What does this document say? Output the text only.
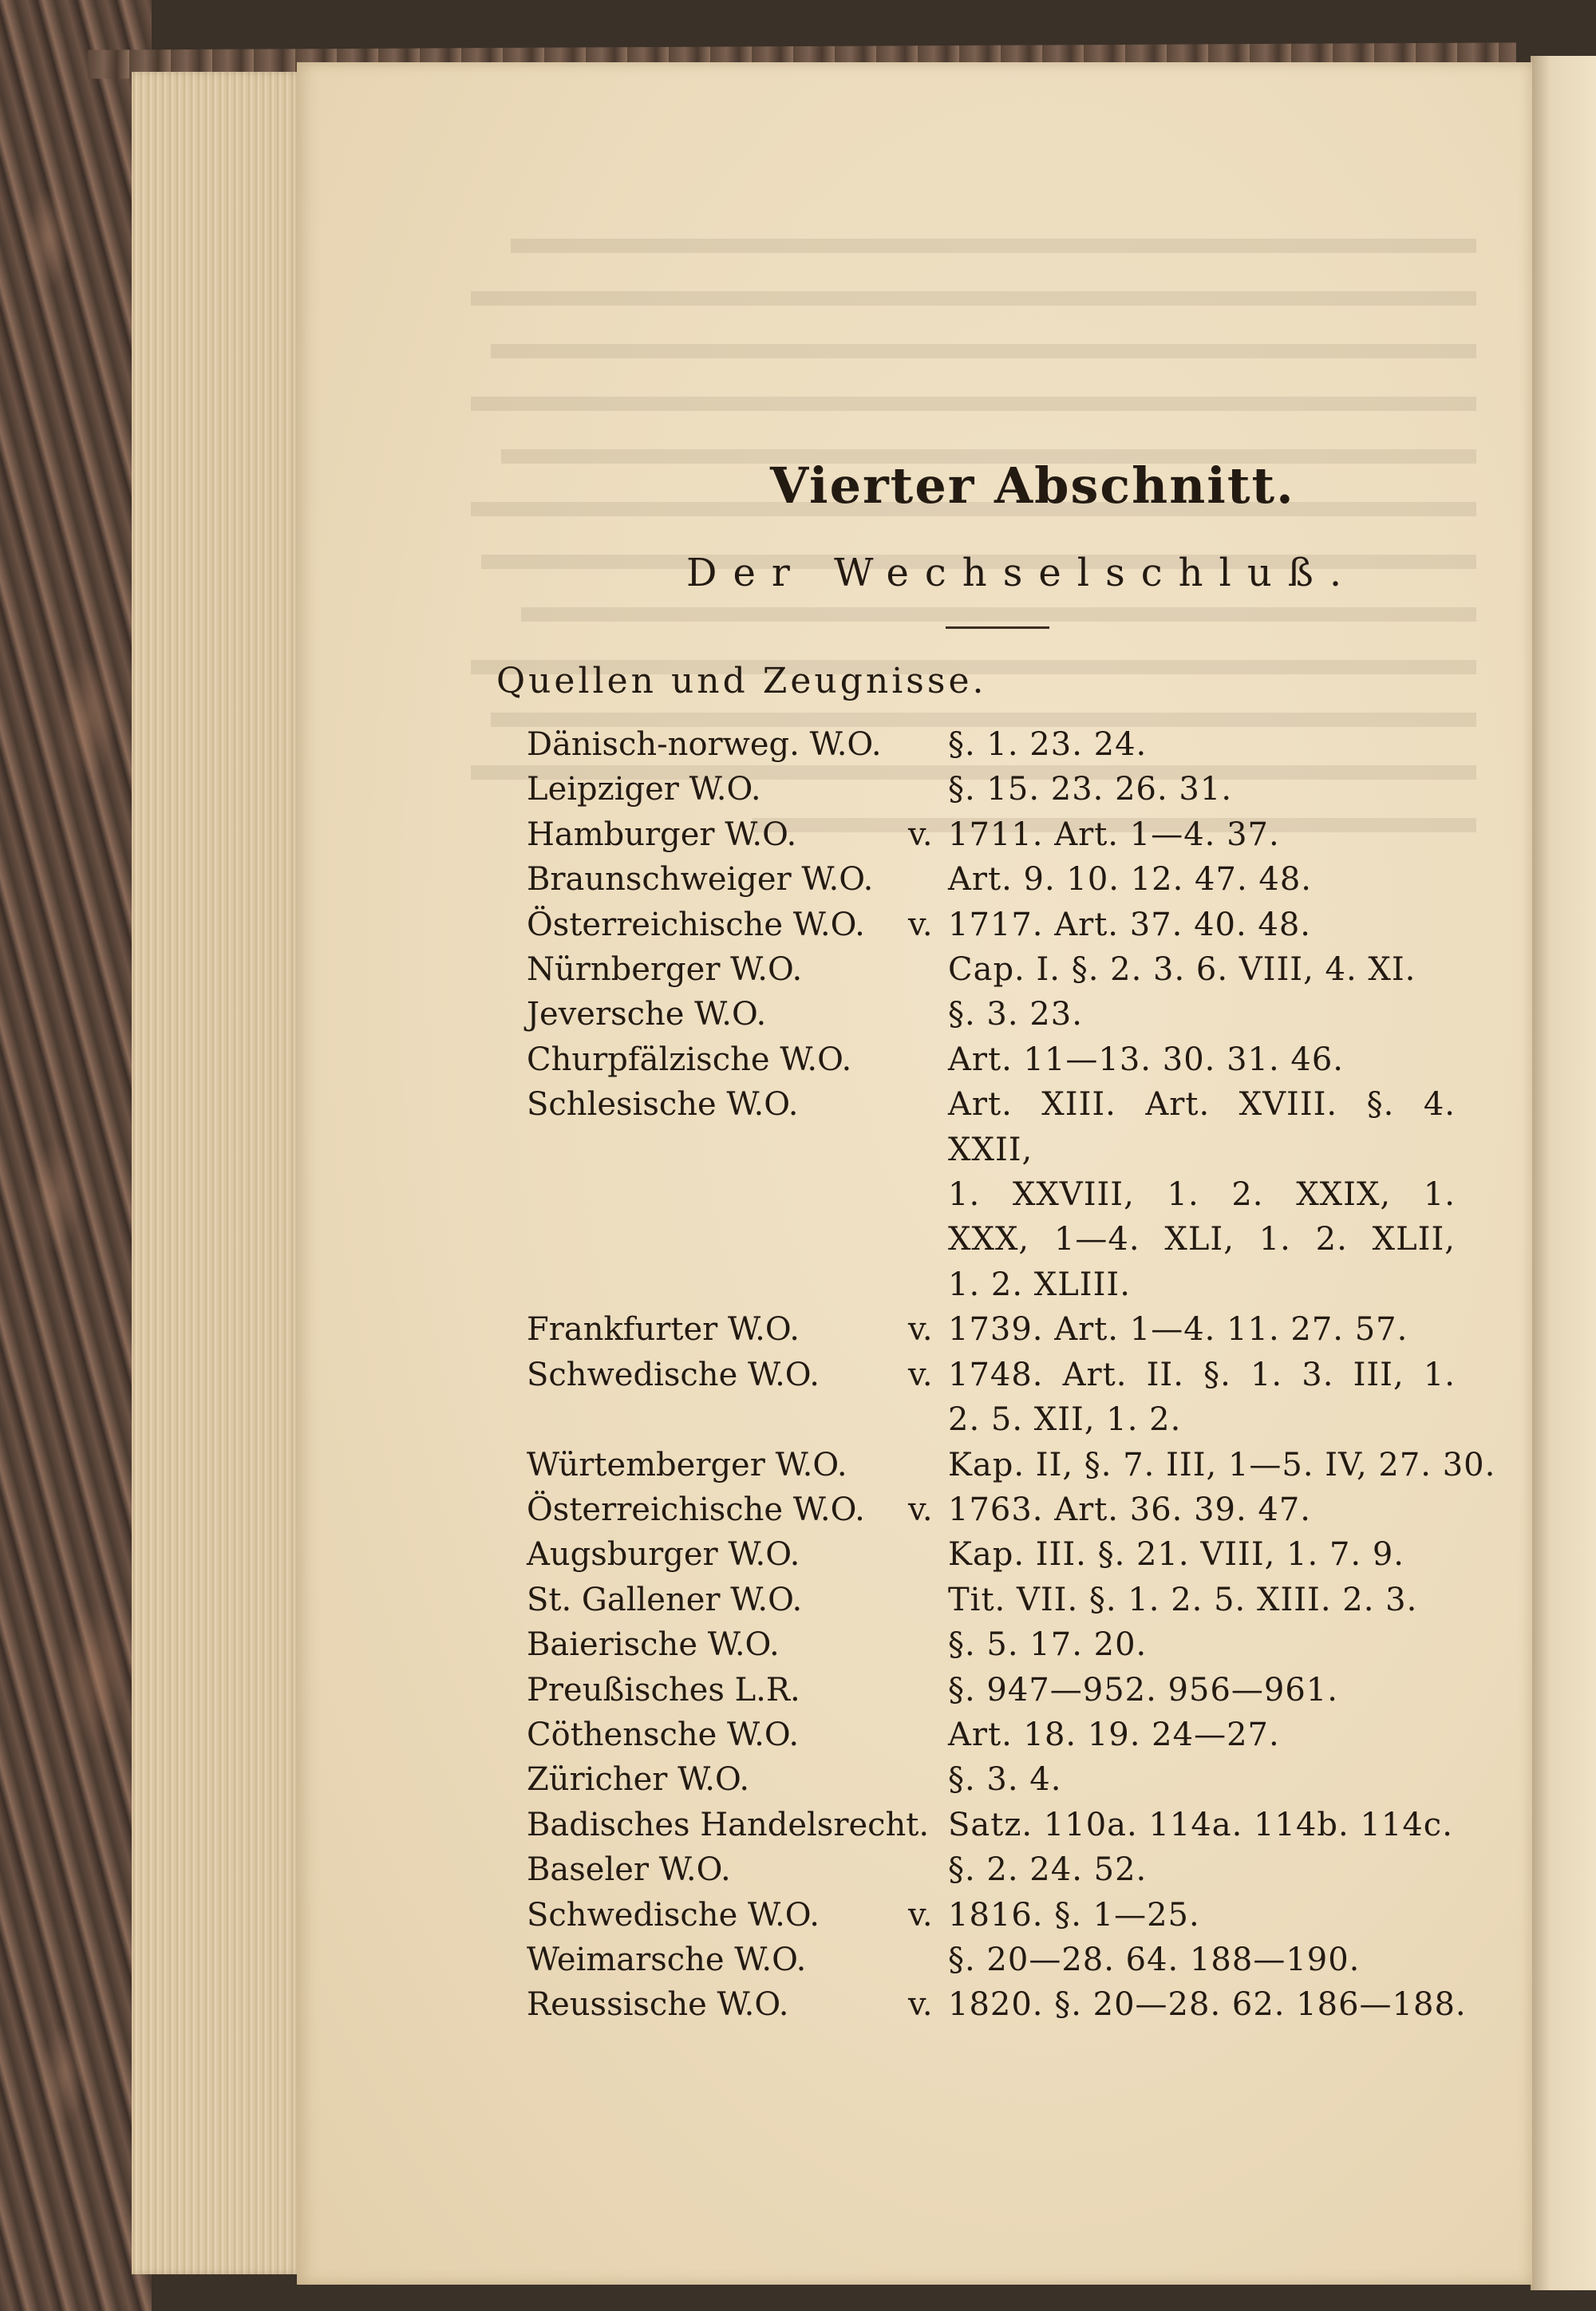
Vierter Abschnitt.
Der Wechselschluß.
Quellen und Zeugnisse.
Dänisch-norweg. W.O.	§. 1. 23. 24.
Leipziger W.O.	§. 15. 23. 26. 31.
Hamburger W.O.	v. 1711. Art. 1—4. 37.
Braunschweiger W.O.	Art. 9. 10. 12. 47. 48.
Österreichische W.O.	v. 1717. Art. 37. 40. 48.
Nürnberger W.O.	Cap. I. §. 2. 3. 6. VIII, 4. XI.
Jeversche W.O.	§. 3. 23.
Churpfälzische W.O.	Art. 11—13. 30. 31. 46.
Schlesische W.O.	Art. XIII. Art. XVIII. §. 4. XXII,
1. XXVIII, 1. 2. XXIX, 1.
XXX, 1—4. XLI, 1. 2. XLII,
1. 2. XLIII.
Frankfurter W.O.	v. 1739. Art. 1—4. 11. 27. 57.
Schwedische W.O.	v. 1748. Art. II. §. 1. 3. III, 1.
2. 5. XII, 1. 2.
Würtemberger W.O.	Kap. II, §. 7. III, 1—5. IV, 27. 30.
Österreichische W.O.	v. 1763. Art. 36. 39. 47.
Augsburger W.O.	Kap. III. §. 21. VIII, 1. 7. 9.
St. Gallener W.O.	Tit. VII. §. 1. 2. 5. XIII. 2. 3.
Baierische W.O.	§. 5. 17. 20.
Preußisches L.R.	§. 947—952. 956—961.
Cöthensche W.O.	Art. 18. 19. 24—27.
Züricher W.O.	§. 3. 4.
Badisches Handelsrecht. Satz. 110a. 114a. 114b. 114c.
Baseler W.O.	§. 2. 24. 52.
Schwedische W.O.	v. 1816. §. 1—25.
Weimarsche W.O.	§. 20—28. 64. 188—190.
Reussische W.O.	v. 1820. §. 20—28. 62. 186—188.
